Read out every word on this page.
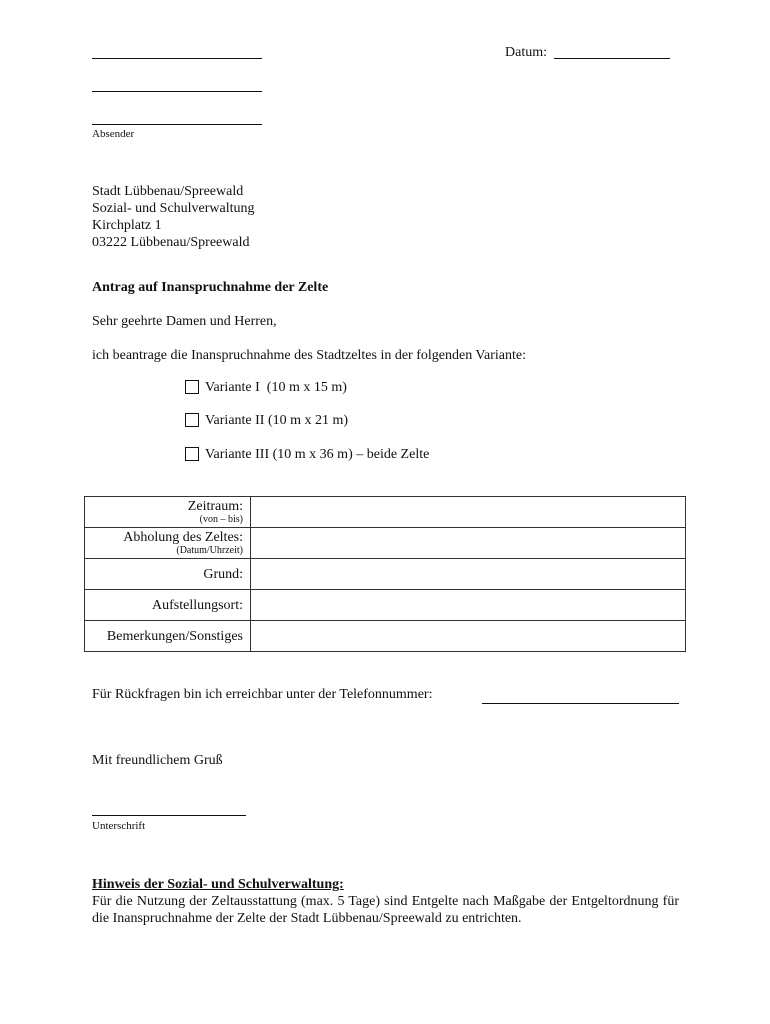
Absender
Datum:
Stadt Lübbenau/Spreewald
Sozial- und Schulverwaltung
Kirchplatz 1
03222 Lübbenau/Spreewald
Antrag auf Inanspruchnahme der Zelte
Sehr geehrte Damen und Herren,
ich beantrage die Inanspruchnahme des Stadtzeltes in der folgenden Variante:
Variante I  (10 m x 15 m)
Variante II (10 m x 21 m)
Variante III (10 m x 36 m) – beide Zelte
Zeitraum:
(von – bis)	

Abholung des Zeltes:
(Datum/Uhrzeit)	

Grund:	

Aufstellungsort:	

Bemerkungen/Sonstiges	

Für Rückfragen bin ich erreichbar unter der Telefonnummer:
Mit freundlichem Gruß
Unterschrift
Hinweis der Sozial- und Schulverwaltung:
Für die Nutzung der Zeltausstattung (max. 5 Tage) sind Entgelte nach Maßgabe der Entgeltordnung für die Inanspruchnahme der Zelte der Stadt Lübbenau/Spreewald zu entrichten.
